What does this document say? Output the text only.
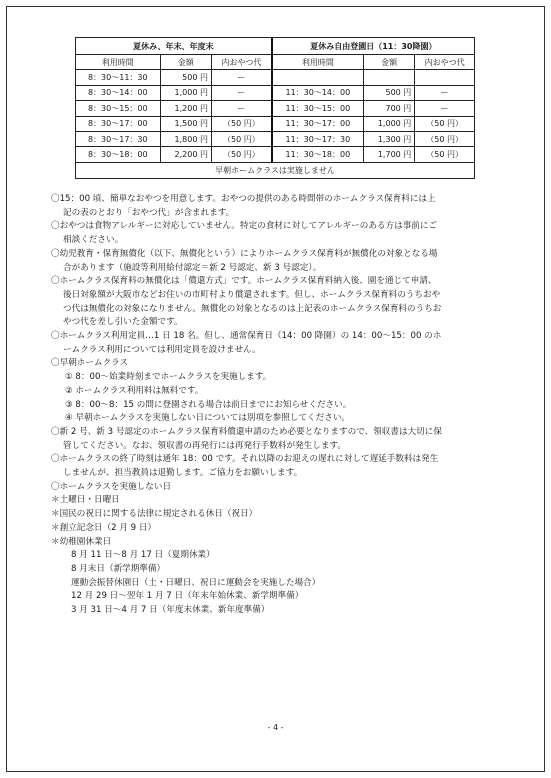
夏休み、年末、年度末			夏休み自由登園日（11：30降園）		
利用時間	金額	内おやつ代	利用時間	金額	内おやつ代
8：30〜11：30	500 円	ー			
8：30〜14：00	1,000 円	ー	11：30〜14：00	500 円	ー
8：30〜15：00	1,200 円	ー	11：30〜15：00	700 円	ー
8：30〜17：00	1,500 円	（50 円）	11：30〜17：00	1,000 円	（50 円）
8：30〜17：30	1,800 円	（50 円）	11：30〜17：30	1,300 円	（50 円）
8：30〜18：00	2,200 円	（50 円）	11：30〜18：00	1,700 円	（50 円）
早朝ホームクラスは実施しません					

〇15：00 頃、簡単なおやつを用意します。おやつの提供のある時間帯のホームクラス保育料には上

記の表のとおり「おやつ代」が含まれます。

〇おやつは食物アレルギーに対応していません。特定の食材に対してアレルギーのある方は事前にご

相談ください。

〇幼児教育・保育無償化（以下、無償化という）によりホームクラス保育料が無償化の対象となる場

合があります（施設等利用給付認定＝新 2 号認定、新 3 号認定）。

〇ホームクラス保育料の無償化は「償還方式」です。ホームクラス保育料納入後、園を通じて申請、

後日対象額が大阪市などお住いの市町村より償還されます。但し、ホームクラス保育料のうちおや

つ代は無償化の対象になりません。無償化の対象となるのは上記表のホームクラス保育料のうちお

やつ代を差し引いた金額です。

〇ホームクラス利用定員…1 日 18 名。但し、通常保育日（14：00 降園）の 14：00〜15：00 のホ

ームクラス利用については利用定員を設けません。

〇早朝ホームクラス

① 8：00〜始業時刻までホームクラスを実施します。

② ホームクラス利用料は無料です。

③ 8：00〜8：15 の間に登園される場合は前日までにお知らせください。

④ 早朝ホームクラスを実施しない日については別項を参照してください。

〇新 2 号、新 3 号認定のホームクラス保育料償還申請のため必要となりますので、領収書は大切に保

管してください。なお、領収書の再発行には再発行手数料が発生します。

〇ホームクラスの終了時刻は通年 18：00 です。それ以降のお迎えの遅れに対して遅延手数料は発生

しませんが、担当教員は退勤します。ご協力をお願いします。

〇ホームクラスを実施しない日

＊土曜日・日曜日

＊国民の祝日に関する法律に規定される休日（祝日）

＊創立記念日（2 月 9 日）

＊幼稚園休業日

8 月 11 日〜8 月 17 日（夏期休業）

8 月末日（新学期準備）

運動会振替休園日（土・日曜日、祝日に運動会を実施した場合）

12 月 29 日〜翌年 1 月 7 日（年末年始休業、新学期準備）

3 月 31 日〜4 月 7 日（年度末休業、新年度準備）

- 4 -
